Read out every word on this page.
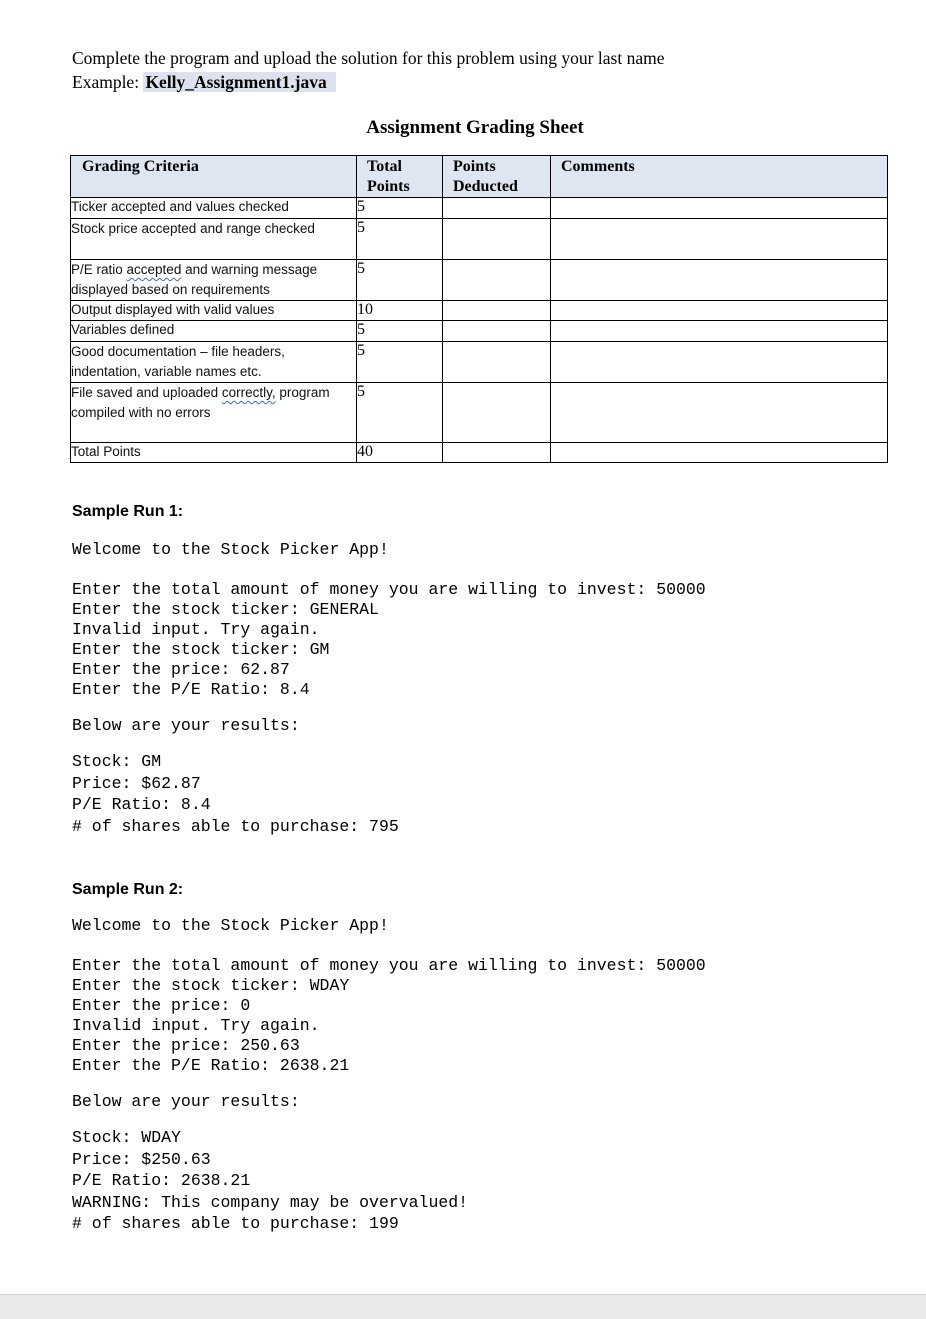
Complete the program and upload the solution for this problem using your last name
Example: Kelly_Assignment1.java
Assignment Grading Sheet
Grading Criteria	Total Points	Points Deducted	Comments
Ticker accepted and values checked	5		
Stock price accepted and range checked	5		
P/E ratio accepted and warning message displayed based on requirements	5		
Output displayed with valid values	10		
Variables defined	5		
Good documentation – file headers, indentation, variable names etc.	5		
File saved and uploaded correctly, program compiled with no errors	5		
Total Points	40		
Sample Run 1:
Welcome to the Stock Picker App!
Enter the total amount of money you are willing to invest: 50000
Enter the stock ticker: GENERAL
Invalid input. Try again.
Enter the stock ticker: GM
Enter the price: 62.87
Enter the P/E Ratio: 8.4
Below are your results:
Stock: GM
Price: $62.87
P/E Ratio: 8.4
# of shares able to purchase: 795
Sample Run 2:
Welcome to the Stock Picker App!
Enter the total amount of money you are willing to invest: 50000
Enter the stock ticker: WDAY
Enter the price: 0
Invalid input. Try again.
Enter the price: 250.63
Enter the P/E Ratio: 2638.21
Below are your results:
Stock: WDAY
Price: $250.63
P/E Ratio: 2638.21
WARNING: This company may be overvalued!
# of shares able to purchase: 199
